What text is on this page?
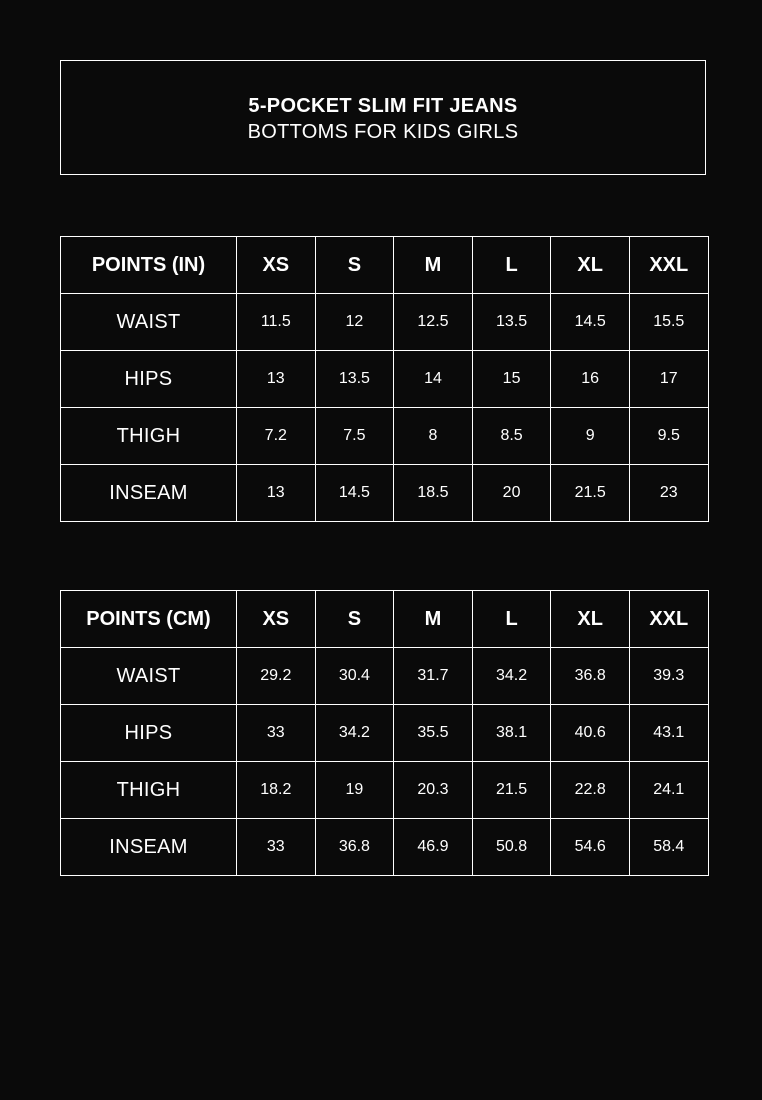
5-POCKET SLIM FIT JEANS
BOTTOMS FOR KIDS GIRLS
POINTS (IN)	XS	S	M	L	XL	XXL
WAIST	11.5	12	12.5	13.5	14.5	15.5
HIPS	13	13.5	14	15	16	17
THIGH	7.2	7.5	8	8.5	9	9.5
INSEAM	13	14.5	18.5	20	21.5	23
POINTS (CM)	XS	S	M	L	XL	XXL
WAIST	29.2	30.4	31.7	34.2	36.8	39.3
HIPS	33	34.2	35.5	38.1	40.6	43.1
THIGH	18.2	19	20.3	21.5	22.8	24.1
INSEAM	33	36.8	46.9	50.8	54.6	58.4
